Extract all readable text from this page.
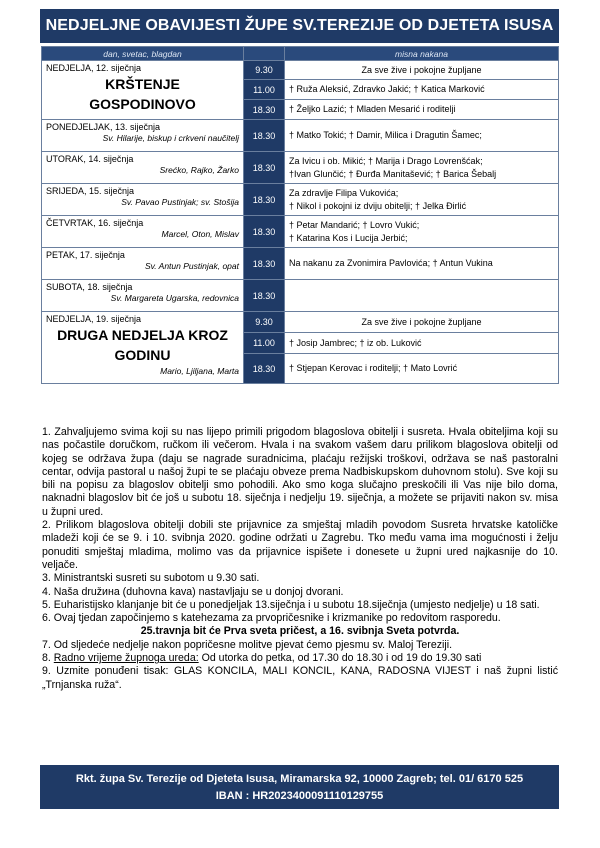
NEDJELJNE OBAVIJESTI ŽUPE SV.TEREZIJE OD DJETETA ISUSA
dan, svetac, blagdan		misna nakana

NEDJELJA, 12. siječnja
KRŠTENJE
GOSPODINOVO	9.30	Za sve žive i pokojne župljane
	11.00	† Ruža Aleksić, Zdravko Jakić; † Katica Marković
	18.30	† Željko Lazić; † Mladen Mesarić i roditelji

PONEDJELJAK, 13. siječnja
Sv. Hilarije, biskup i crkveni naučitelj	18.30	† Matko Tokić; † Damir, Milica i Dragutin Šamec;

UTORAK, 14. siječnja
Srećko, Rajko, Žarko	18.30	Za Ivicu i ob. Mikić; † Marija i Drago Lovrenšćak;
†Ivan Glunčić; † Đurđa Manitašević; † Barica Šebalj

SRIJEDA, 15. siječnja
Sv. Pavao Pustinjak; sv. Stošija	18.30	Za zdravlje Filipa Vukovića;
† Nikol i pokojni iz dviju obitelji; † Jelka Đirlić

ČETVRTAK, 16. siječnja
Marcel, Oton, Mislav	18.30	† Petar Mandarić; † Lovro Vukić;
† Katarina Kos i Lucija Jerbić;

PETAK, 17. siječnja
Sv. Antun Pustinjak, opat	18.30	Na nakanu za Zvonimira Pavlovića; † Antun Vukina

SUBOTA, 18. siječnja
Sv. Margareta Ugarska, redovnica	18.30	

NEDJELJA, 19. siječnja
DRUGA NEDJELJA KROZ
GODINU
Mario, Ljiljana, Marta	9.30	Za sve žive i pokojne župljane
	11.00	† Josip Jambrec; † iz ob. Luković
	18.30	† Stjepan Kerovac i roditelji; † Mato Lovrić

1. Zahvaljujemo svima koji su nas lijepo primili prigodom blagoslova obitelji i susreta. Hvala obiteljima koji su nas počastile doručkom, ručkom ili večerom. Hvala i na svakom vašem daru prilikom blagoslova obitelji od kojeg se održava župa (daju se nagrade suradnicima, plaćaju režijski troškovi, održava se naš pastoralni centar, odvija pastoral u našoj župi te se plaćaju obveze prema Nadbiskupskom duhovnom stolu). Sve koji su bili na popisu za blagoslov obitelji smo pohodili. Ako smo koga slučajno preskočili ili Vas nije bilo doma, naknadni blagoslov bit će još u subotu 18. siječnja i nedjelju 19. siječnja, a možete se prijaviti nakon sv. misa u župni ured.

2. Prilikom blagoslova obitelji dobili ste prijavnice za smještaj mladih povodom Susreta hrvatske katoličke mladeži koji će se 9. i 10. svibnja 2020. godine održati u Zagrebu. Tko među vama ima mogućnosti i želju ponuditi smještaj mladima, molimo vas da prijavnice ispišete i donesete u župni ured najkasnije do 10. veljače.

3. Ministrantski susreti su subotom u 9.30 sati.

4. Naša družинa (duhovna kava) nastavljaju se u donjoj dvorani.

5. Euharistijsko klanjanje bit će u ponedjeljak 13.siječnja i u subotu 18.siječnja (umjesto nedjelje) u 18 sati.

6. Ovaj tjedan započinjemo s katehezama za prvopričesnike i krizmanike po redovitom rasporedu.

25.travnja bit će Prva sveta pričest, a 16. svibnja Sveta potvrda.

7. Od sljedeće nedjelje nakon popričesne molitve pjevat ćemo pjesmu sv. Maloj Tereziji.

8. Radno vrijeme župnoga ureda: Od utorka do petka, od 17.30 do 18.30 i od 19 do 19.30 sati

9. Uzmite ponuđeni tisak: GLAS KONCILA, MALI KONCIL, KANA, RADOSNA VIJEST i naš župni listić „Trnjanska ruža“.

Rkt. župa Sv. Terezije od Djeteta Isusa, Miramarska 92, 10000 Zagreb; tel. 01/ 6170 525
IBAN : HR2023400091110129755
